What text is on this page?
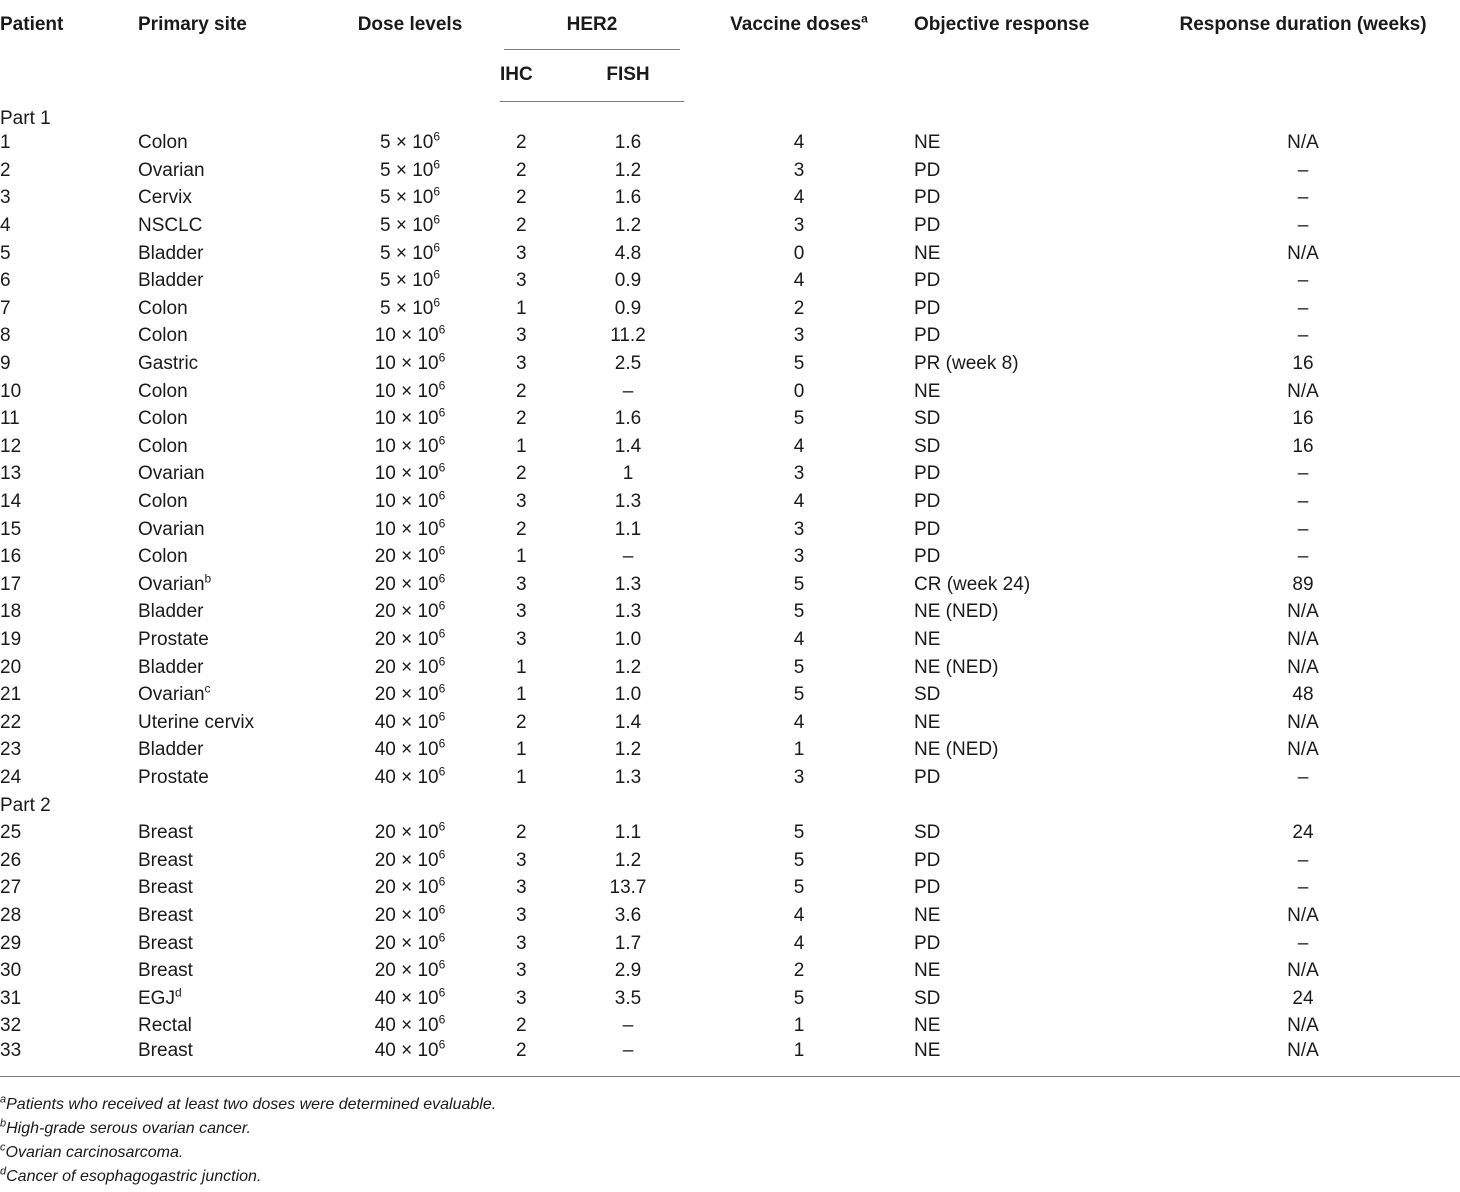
Patient	Primary site	Dose levels	HER2		Vaccine doses$^a$	Objective response	Response duration (weeks)
			IHC	FISH			
Part 1							
1	Colon	$5 \times 10^6$	2	1.6	4	NE	N/A
2	Ovarian	$5 \times 10^6$	2	1.2	3	PD	–
3	Cervix	$5 \times 10^6$	2	1.6	4	PD	–
4	NSCLC	$5 \times 10^6$	2	1.2	3	PD	–
5	Bladder	$5 \times 10^6$	3	4.8	0	NE	N/A
6	Bladder	$5 \times 10^6$	3	0.9	4	PD	–
7	Colon	$5 \times 10^6$	1	0.9	2	PD	–
8	Colon	$10 \times 10^6$	3	11.2	3	PD	–
9	Gastric	$10 \times 10^6$	3	2.5	5	PR (week 8)	16
10	Colon	$10 \times 10^6$	2	–	0	NE	N/A
11	Colon	$10 \times 10^6$	2	1.6	5	SD	16
12	Colon	$10 \times 10^6$	1	1.4	4	SD	16
13	Ovarian	$10 \times 10^6$	2	1	3	PD	–
14	Colon	$10 \times 10^6$	3	1.3	4	PD	–
15	Ovarian	$10 \times 10^6$	2	1.1	3	PD	–
16	Colon	$20 \times 10^6$	1	–	3	PD	–
17	Ovarian$^b$	$20 \times 10^6$	3	1.3	5	CR (week 24)	89
18	Bladder	$20 \times 10^6$	3	1.3	5	NE (NED)	N/A
19	Prostate	$20 \times 10^6$	3	1.0	4	NE	N/A
20	Bladder	$20 \times 10^6$	1	1.2	5	NE (NED)	N/A
21	Ovarian$^c$	$20 \times 10^6$	1	1.0	5	SD	48
22	Uterine cervix	$40 \times 10^6$	2	1.4	4	NE	N/A
23	Bladder	$40 \times 10^6$	1	1.2	1	NE (NED)	N/A
24	Prostate	$40 \times 10^6$	1	1.3	3	PD	–
Part 2							
25	Breast	$20 \times 10^6$	2	1.1	5	SD	24
26	Breast	$20 \times 10^6$	3	1.2	5	PD	–
27	Breast	$20 \times 10^6$	3	13.7	5	PD	–
28	Breast	$20 \times 10^6$	3	3.6	4	NE	N/A
29	Breast	$20 \times 10^6$	3	1.7	4	PD	–
30	Breast	$20 \times 10^6$	3	2.9	2	NE	N/A
31	EGJ$^d$	$40 \times 10^6$	3	3.5	5	SD	24
32	Rectal	$40 \times 10^6$	2	–	1	NE	N/A
33	Breast	$40 \times 10^6$	2	–	1	NE	N/A
$^a$Patients who received at least two doses were determined evaluable.
$^b$High-grade serous ovarian cancer.
$^c$Ovarian carcinosarcoma.
$^d$Cancer of esophagogastric junction.
